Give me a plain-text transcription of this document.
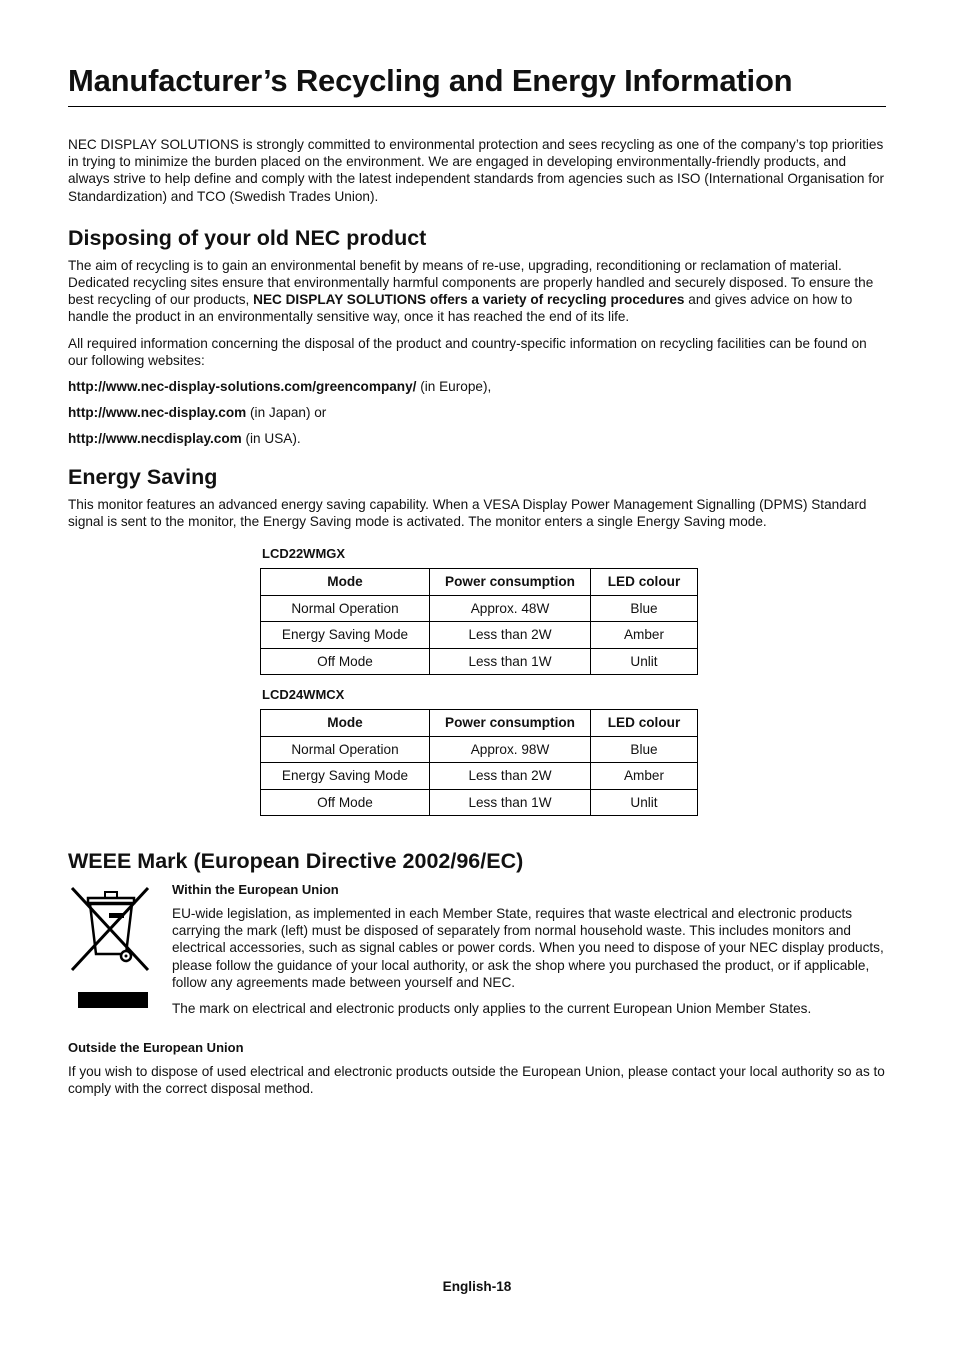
Manufacturer’s Recycling and Energy Information

NEC DISPLAY SOLUTIONS is strongly committed to environmental protection and sees recycling as one of the company’s top priorities in trying to minimize the burden placed on the environment. We are engaged in developing environmentally-friendly products, and always strive to help define and comply with the latest independent standards from agencies such as ISO (International Organisation for Standardization) and TCO (Swedish Trades Union).

Disposing of your old NEC product

The aim of recycling is to gain an environmental benefit by means of re-use, upgrading, reconditioning or reclamation of material. Dedicated recycling sites ensure that environmentally harmful components are properly handled and securely disposed. To ensure the best recycling of our products, NEC DISPLAY SOLUTIONS offers a variety of recycling procedures and gives advice on how to handle the product in an environmentally sensitive way, once it has reached the end of its life.

All required information concerning the disposal of the product and country-specific information on recycling facilities can be found on our following websites:

http://www.nec-display-solutions.com/greencompany/ (in Europe),

http://www.nec-display.com (in Japan) or

http://www.necdisplay.com (in USA).

Energy Saving

This monitor features an advanced energy saving capability. When a VESA Display Power Management Signalling (DPMS) Standard signal is sent to the monitor, the Energy Saving mode is activated. The monitor enters a single Energy Saving mode.

LCD22WMGX
Mode	Power consumption	LED colour
Normal Operation	Approx. 48W	Blue
Energy Saving Mode	Less than 2W	Amber
Off Mode	Less than 1W	Unlit
LCD24WMCX
Mode	Power consumption	LED colour
Normal Operation	Approx. 98W	Blue
Energy Saving Mode	Less than 2W	Amber
Off Mode	Less than 1W	Unlit
WEEE Mark (European Directive 2002/96/EC)

Within the European Union

EU-wide legislation, as implemented in each Member State, requires that waste electrical and electronic products carrying the mark (left) must be disposed of separately from normal household waste. This includes monitors and electrical accessories, such as signal cables or power cords. When you need to dispose of your NEC display products, please follow the guidance of your local authority, or ask the shop where you purchased the product, or if applicable, follow any agreements made between yourself and NEC.

The mark on electrical and electronic products only applies to the current European Union Member States.

Outside the European Union

If you wish to dispose of used electrical and electronic products outside the European Union, please contact your local authority so as to comply with the correct disposal method.

English-18
